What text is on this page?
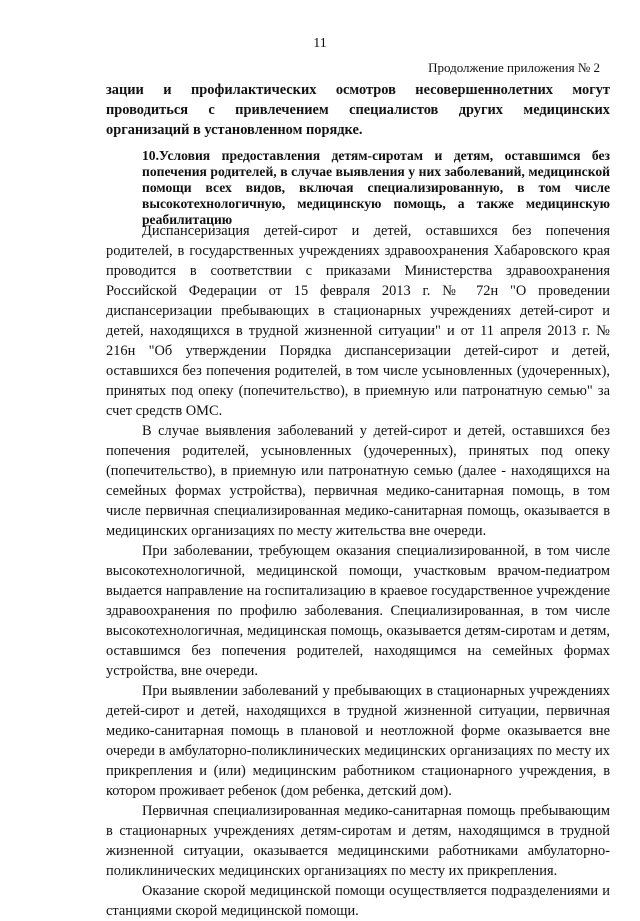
11
Продолжение приложения № 2

зации и профилактических осмотров несовершеннолетних могут проводиться с привлечением специалистов других медицинских организаций в установленном порядке.

10.Условия предоставления детям-сиротам и детям, оставшимся без попечения родителей, в случае выявления у них заболеваний, медицинской помощи всех видов, включая специализированную, в том числе высокотехнологичную, медицинскую помощь, а также медицинскую реабилитацию

Диспансеризация детей-сирот и детей, оставшихся без попечения родителей, в государственных учреждениях здравоохранения Хабаровского края проводится в соответствии с приказами Министерства здравоохранения Российской Федерации от 15 февраля 2013 г. № 72н "О проведении диспансеризации пребывающих в стационарных учреждениях детей-сирот и детей, находящихся в трудной жизненной ситуации" и от 11 апреля 2013 г. № 216н "Об утверждении Порядка диспансеризации детей-сирот и детей, оставшихся без попечения родителей, в том числе усыновленных (удочеренных), принятых под опеку (попечительство), в приемную или патронатную семью" за счет средств ОМС.

В случае выявления заболеваний у детей-сирот и детей, оставшихся без попечения родителей, усыновленных (удочеренных), принятых под опеку (попечительство), в приемную или патронатную семью (далее - находящихся на семейных формах устройства), первичная медико-санитарная помощь, в том числе первичная специализированная медико-санитарная помощь, оказывается в медицинских организациях по месту жительства вне очереди.

При заболевании, требующем оказания специализированной, в том числе высокотехнологичной, медицинской помощи, участковым врачом-педиатром выдается направление на госпитализацию в краевое государственное учреждение здравоохранения по профилю заболевания. Специализированная, в том числе высокотехнологичная, медицинская помощь, оказывается детям-сиротам и детям, оставшимся без попечения родителей, находящимся на семейных формах устройства, вне очереди.

При выявлении заболеваний у пребывающих в стационарных учреждениях детей-сирот и детей, находящихся в трудной жизненной ситуации, первичная медико-санитарная помощь в плановой и неотложной форме оказывается вне очереди в амбулаторно-поликлинических медицинских организациях по месту их прикрепления и (или) медицинским работником стационарного учреждения, в котором проживает ребенок (дом ребенка, детский дом).

Первичная специализированная медико-санитарная помощь пребывающим в стационарных учреждениях детям-сиротам и детям, находящимся в трудной жизненной ситуации, оказывается медицинскими работниками амбулаторно-поликлинических медицинских организациях по месту их прикрепления.

Оказание скорой медицинской помощи осуществляется подразделениями и станциями скорой медицинской помощи.
